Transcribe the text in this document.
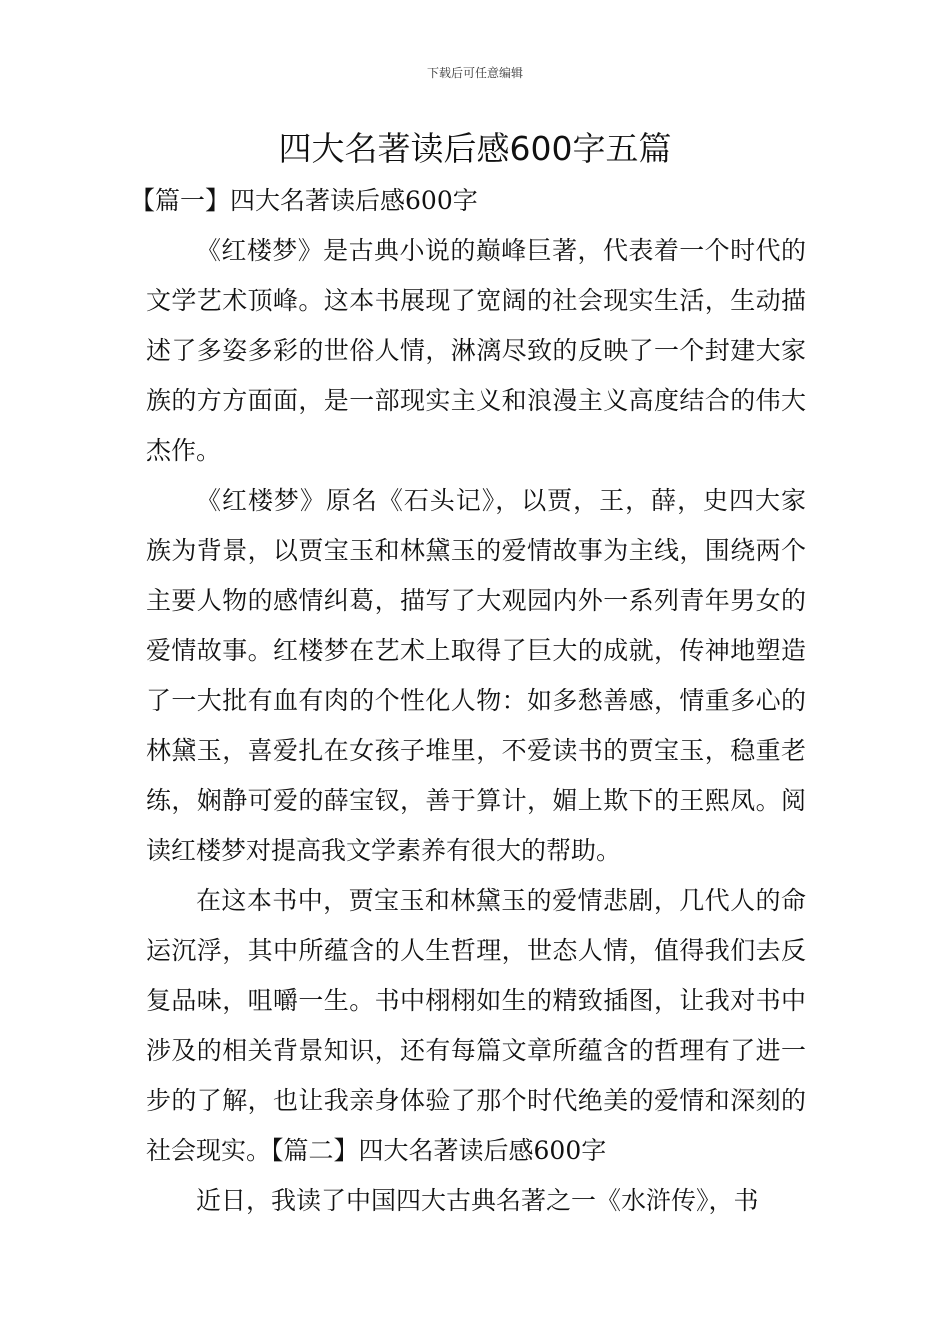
下载后可任意编辑
四大名著读后感600字五篇

【篇一】四大名著读后感600字

《红楼梦》是古典小说的巅峰巨著，代表着一个时代的文学艺术顶峰。这本书展现了宽阔的社会现实生活，生动描述了多姿多彩的世俗人情，淋漓尽致的反映了一个封建大家族的方方面面，是一部现实主义和浪漫主义高度结合的伟大杰作。

《红楼梦》原名《石头记》，以贾，王，薛，史四大家族为背景，以贾宝玉和林黛玉的爱情故事为主线，围绕两个主要人物的感情纠葛，描写了大观园内外一系列青年男女的爱情故事。红楼梦在艺术上取得了巨大的成就，传神地塑造了一大批有血有肉的个性化人物：如多愁善感，情重多心的林黛玉，喜爱扎在女孩子堆里，不爱读书的贾宝玉，稳重老练，娴静可爱的薛宝钗，善于算计，媚上欺下的王熙凤。阅读红楼梦对提高我文学素养有很大的帮助。

在这本书中，贾宝玉和林黛玉的爱情悲剧，几代人的命运沉浮，其中所蕴含的人生哲理，世态人情，值得我们去反复品味，咀嚼一生。书中栩栩如生的精致插图，让我对书中涉及的相关背景知识，还有每篇文章所蕴含的哲理有了进一步的了解，也让我亲身体验了那个时代绝美的爱情和深刻的社会现实。【篇二】四大名著读后感600字

近日，我读了中国四大古典名著之一《水浒传》，书
